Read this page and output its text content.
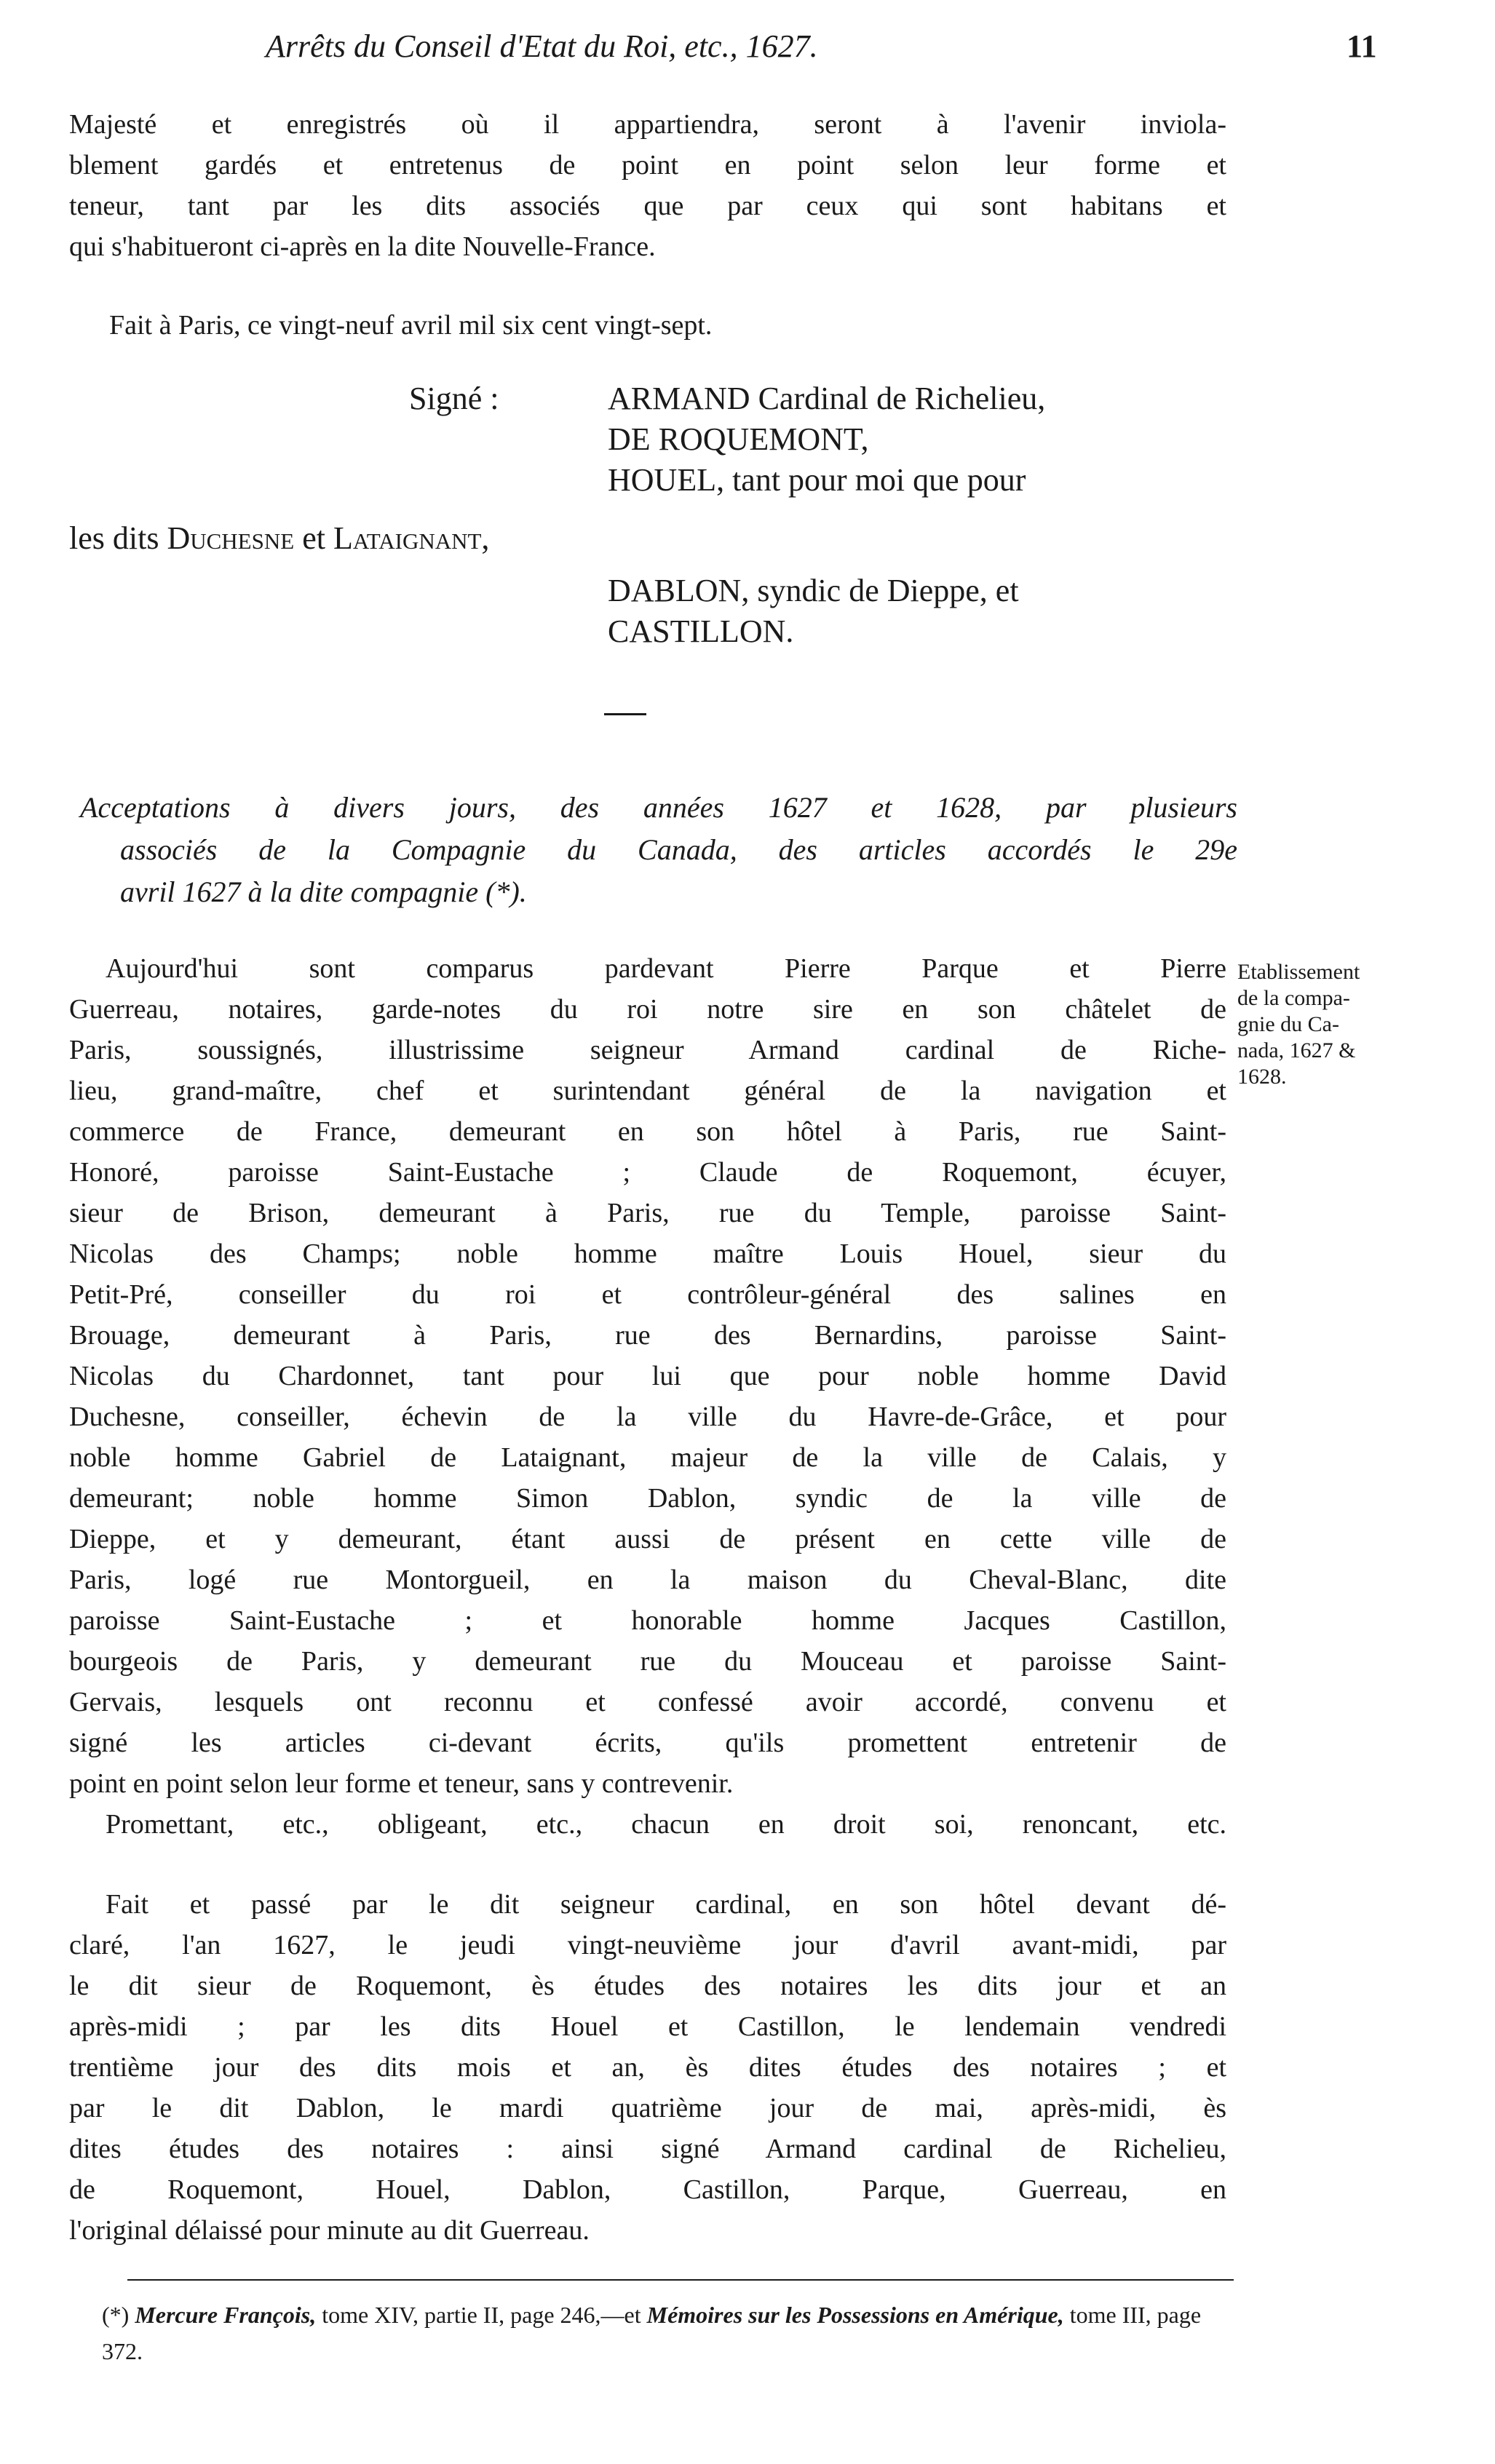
Arrêts du Conseil d'Etat du Roi, etc., 1627.	11
Majesté et enregistrés où il appartiendra, seront à l'avenir inviola-
blement gardés et entretenus de point en point selon leur forme et
teneur, tant par les dits associés que par ceux qui sont habitans et
qui s'habitueront ci-après en la dite Nouvelle-France.
Fait à Paris, ce vingt-neuf avril mil six cent vingt-sept.
Signé :	ARMAND Cardinal de Richelieu,
DE ROQUEMONT,
HOUEL, tant pour moi que pour
les dits Duchesne et Lataignant,
DABLON, syndic de Dieppe, et
CASTILLON.
Acceptations à divers jours, des années 1627 et 1628, par plusieurs
associés de la Compagnie du Canada, des articles accordés le 29e
avril 1627 à la dite compagnie (*).
Etablissement
de la compa-
gnie du Ca-
nada, 1627 &
1628.
Aujourd'hui sont comparus pardevant Pierre Parque et Pierre
Guerreau, notaires, garde-notes du roi notre sire en son châtelet de
Paris, soussignés, illustrissime seigneur Armand cardinal de Riche-
lieu, grand-maître, chef et surintendant général de la navigation et
commerce de France, demeurant en son hôtel à Paris, rue Saint-
Honoré, paroisse Saint-Eustache ; Claude de Roquemont, écuyer,
sieur de Brison, demeurant à Paris, rue du Temple, paroisse Saint-
Nicolas des Champs; noble homme maître Louis Houel, sieur du
Petit-Pré, conseiller du roi et contrôleur-général des salines en
Brouage, demeurant à Paris, rue des Bernardins, paroisse Saint-
Nicolas du Chardonnet, tant pour lui que pour noble homme David
Duchesne, conseiller, échevin de la ville du Havre-de-Grâce, et pour
noble homme Gabriel de Lataignant, majeur de la ville de Calais, y
demeurant; noble homme Simon Dablon, syndic de la ville de
Dieppe, et y demeurant, étant aussi de présent en cette ville de
Paris, logé rue Montorgueil, en la maison du Cheval-Blanc, dite
paroisse Saint-Eustache ; et honorable homme Jacques Castillon,
bourgeois de Paris, y demeurant rue du Mouceau et paroisse Saint-
Gervais, lesquels ont reconnu et confessé avoir accordé, convenu et
signé les articles ci-devant écrits, qu'ils promettent entretenir de
point en point selon leur forme et teneur, sans y contrevenir.
Promettant, etc., obligeant, etc., chacun en droit soi, renoncant, etc.
Fait et passé par le dit seigneur cardinal, en son hôtel devant dé-
claré, l'an 1627, le jeudi vingt-neuvième jour d'avril avant-midi, par
le dit sieur de Roquemont, ès études des notaires les dits jour et an
après-midi ; par les dits Houel et Castillon, le lendemain vendredi
trentième jour des dits mois et an, ès dites études des notaires ; et
par le dit Dablon, le mardi quatrième jour de mai, après-midi, ès
dites études des notaires : ainsi signé Armand cardinal de Richelieu,
de Roquemont, Houel, Dablon, Castillon, Parque, Guerreau, en
l'original délaissé pour minute au dit Guerreau.
(*) Mercure François, tome XIV, partie II, page 246,—et Mémoires sur les Possessions en Amérique, tome III, page 372.
